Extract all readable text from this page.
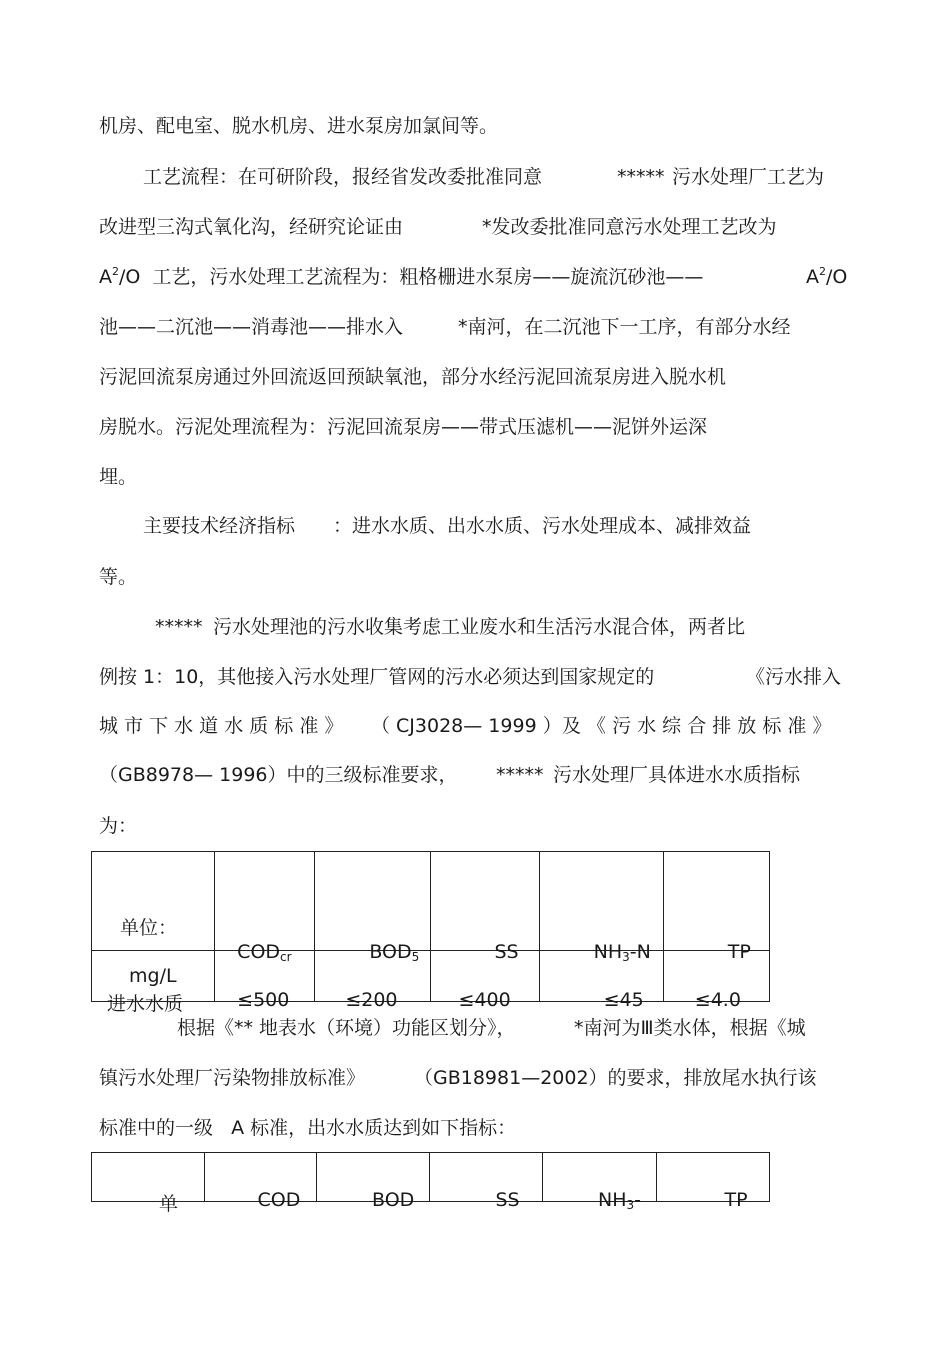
机房、配电室、脱水机房、进水泵房加氯间等。
工艺流程：在可研阶段，报经省发改委批准同意	***** 污水处理厂工艺为
改进型三沟式氧化沟，经研究论证由	*发改委批准同意污水处理工艺改为
$A^2/O$  工艺，污水处理工艺流程为：粗格栅进水泵房——旋流沉砂池——	$A^2/O$
池——二沉池——消毒池——排水入	*南河，在二沉池下一工序，有部分水经
污泥回流泵房通过外回流返回预缺氧池，部分水经污泥回流泵房进入脱水机
房脱水。污泥处理流程为：污泥回流泵房——带式压滤机——泥饼外运深
埋。
主要技术经济指标 ：进水水质、出水水质、污水处理成本、减排效益
等。
***** 污水处理池的污水收集考虑工业废水和生活污水混合体，两者比
例按 1：10，其他接入污水处理厂管网的污水必须达到国家规定的	《污水排入
城 市 下 水 道 水 质 标 准 》 （ CJ3028— 1999 ） 及 《 污 水 综 合 排 放 标 准 》
（GB8978— 1996）中的三级标准要求， ***** 污水处理厂具体进水水质指标
为：
单位：
mg/L	$COD_{cr}$	$BOD_5$	SS	$NH_3-N$	TP

进水水质	≤500	≤200	≤400	≤45	≤4.0
根据《** 地表水（环境）功能区划分》，	*南河为Ⅲ类水体，根据《城
镇污水处理厂污染物排放标准》	（GB18981—2002）的要求，排放尾水执行该
标准中的一级   A 标准，出水水质达到如下指标：
单	COD	BOD	SS	$NH_3-$	TP
